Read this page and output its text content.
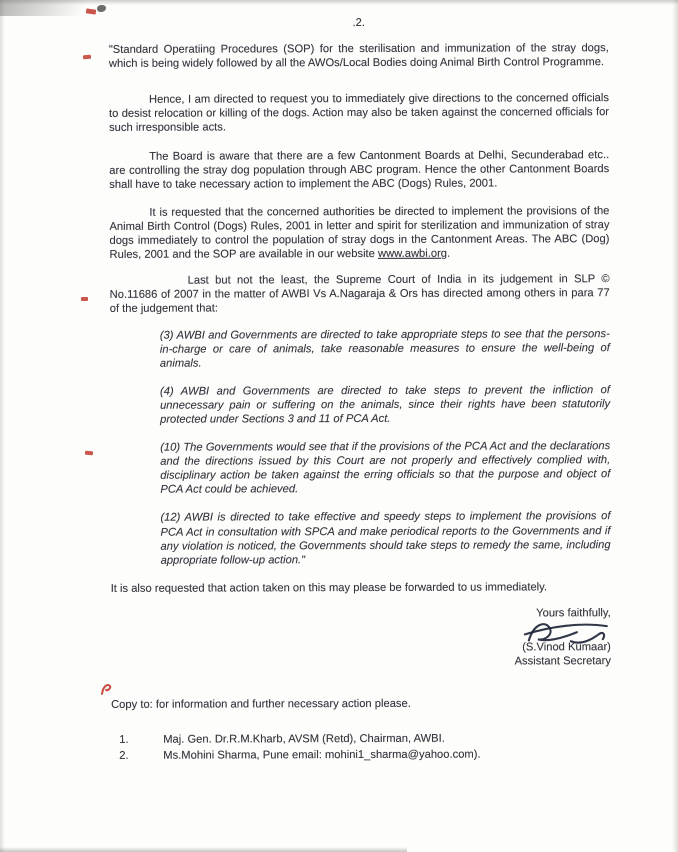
.2.

"Standard Operatiing Procedures (SOP) for the sterilisation and immunization of the stray dogs, which is being widely followed by all the AWOs/Local Bodies doing Animal Birth Control Programme.

Hence, I am directed to request you to immediately give directions to the concerned officials to desist relocation or killing of the dogs. Action may also be taken against the concerned officials for such irresponsible acts.

The Board is aware that there are a few Cantonment Boards at Delhi, Secunderabad etc.. are controlling the stray dog population through ABC program. Hence the other Cantonment Boards shall have to take necessary action to implement the ABC (Dogs) Rules, 2001.

It is requested that the concerned authorities be directed to implement the provisions of the Animal Birth Control (Dogs) Rules, 2001 in letter and spirit for sterilization and immunization of stray dogs immediately to control the population of stray dogs in the Cantonment Areas. The ABC (Dog) Rules, 2001 and the SOP are available in our website www.awbi.org.

Last but not the least, the Supreme Court of India in its judgement in SLP © No.11686 of 2007 in the matter of AWBI Vs A.Nagaraja & Ors has directed among others in para 77 of the judgement that:

(3) AWBI and Governments are directed to take appropriate steps to see that the persons-in-charge or care of animals, take reasonable measures to ensure the well-being of animals.

(4) AWBI and Governments are directed to take steps to prevent the infliction of unnecessary pain or suffering on the animals, since their rights have been statutorily protected under Sections 3 and 11 of PCA Act.

(10) The Governments would see that if the provisions of the PCA Act and the declarations and the directions issued by this Court are not properly and effectively complied with, disciplinary action be taken against the erring officials so that the purpose and object of PCA Act could be achieved.

(12) AWBI is directed to take effective and speedy steps to implement the provisions of PCA Act in consultation with SPCA and make periodical reports to the Governments and if any violation is noticed, the Governments should take steps to remedy the same, including appropriate follow-up action."

It is also requested that action taken on this may please be forwarded to us immediately.

Yours faithfully,
(S.Vinod Kumaar)
Assistant Secretary

Copy to: for information and further necessary action please.

1.	Maj. Gen. Dr.R.M.Kharb, AVSM (Retd), Chairman, AWBI.
2.	Ms.Mohini Sharma, Pune email: mohini1_sharma@yahoo.com).
